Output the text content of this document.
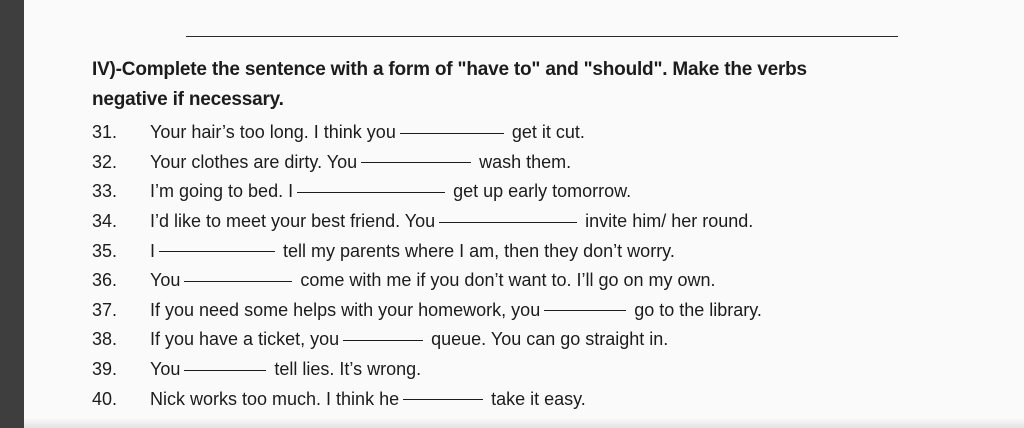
IV)-Complete the sentence with a form of "have to" and "should". Make the verbs
negative if necessary.
31.	Your hair’s too long. I think you	get it cut.
32.	Your clothes are dirty. You	wash them.
33.	I’m going to bed. I	get up early tomorrow.
34.	I’d like to meet your best friend. You	invite him/ her round.
35.	I	tell my parents where I am, then they don’t worry.
36.	You	come with me if you don’t want to. I’ll go on my own.
37.	If you need some helps with your homework, you	go to the library.
38.	If you have a ticket, you	queue. You can go straight in.
39.	You	tell lies. It’s wrong.
40.	Nick works too much. I think he	take it easy.
